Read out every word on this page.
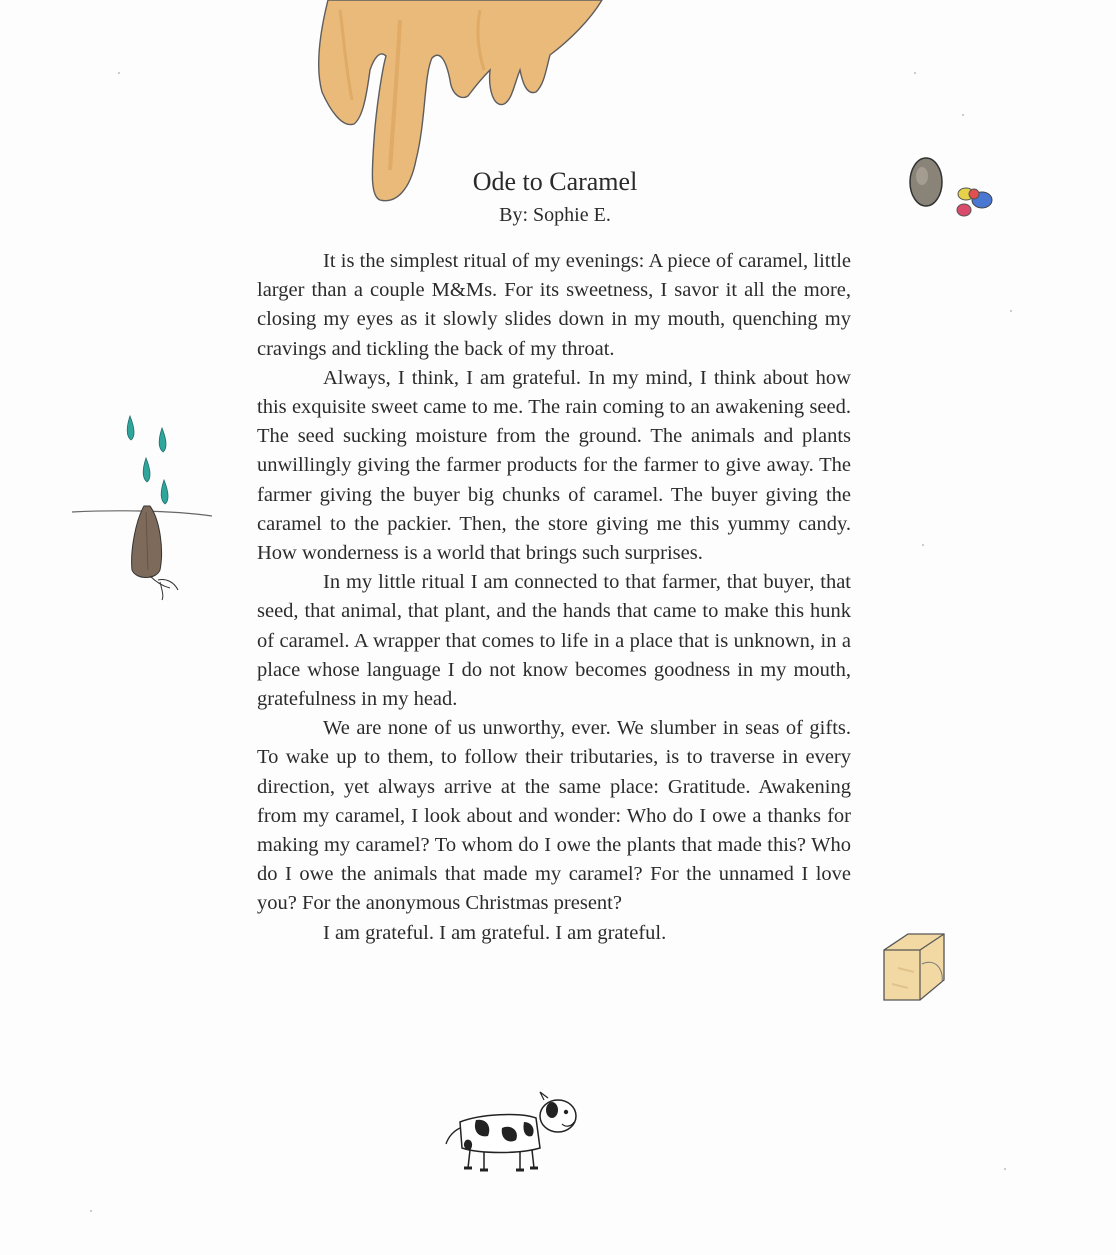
Ode to Caramel
By: Sophie E.

It is the simplest ritual of my evenings: A piece of caramel, little larger than a couple M&Ms. For its sweetness, I savor it all the more, closing my eyes as it slowly slides down in my mouth, quenching my cravings and tickling the back of my throat.

Always, I think, I am grateful. In my mind, I think about how this exquisite sweet came to me. The rain coming to an awakening seed. The seed sucking moisture from the ground. The animals and plants unwillingly giving the farmer products for the farmer to give away. The farmer giving the buyer big chunks of caramel. The buyer giving the caramel to the packier. Then, the store giving me this yummy candy. How wonderness is a world that brings such surprises.

In my little ritual I am connected to that farmer, that buyer, that seed, that animal, that plant, and the hands that came to make this hunk of caramel. A wrapper that comes to life in a place that is unknown, in a place whose language I do not know becomes goodness in my mouth, gratefulness in my head.

We are none of us unworthy, ever. We slumber in seas of gifts. To wake up to them, to follow their tributaries, is to traverse in every direction, yet always arrive at the same place: Gratitude. Awakening from my caramel, I look about and wonder: Who do I owe a thanks for making my caramel? To whom do I owe the plants that made this? Who do I owe the animals that made my caramel? For the unnamed I love you? For the anonymous Christmas present?

I am grateful. I am grateful. I am grateful.
